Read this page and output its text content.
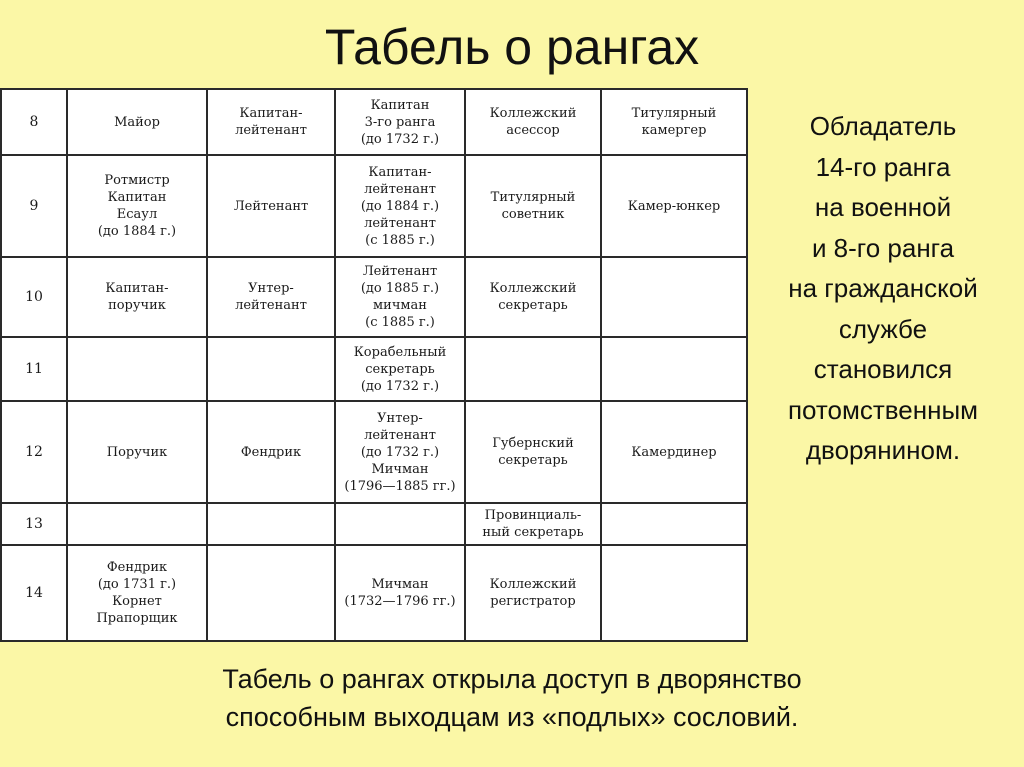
Табель о рангах
8	Майор	Капитан-
лейтенант	Капитан
3-го ранга
(до 1732 г.)	Коллежский
асессор	Титулярный
камергер
9	Ротмистр
Капитан
Есаул
(до 1884 г.)	Лейтенант	Капитан-
лейтенант
(до 1884 г.)
лейтенант
(с 1885 г.)	Титулярный
советник	Камер-юнкер
10	Капитан-
поручик	Унтер-
лейтенант	Лейтенант
(до 1885 г.)
мичман
(с 1885 г.)	Коллежский
секретарь	
11			Корабельный
секретарь
(до 1732 г.)		
12	Поручик	Фендрик	Унтер-
лейтенант
(до 1732 г.)
Мичман
(1796—1885 гг.)	Губернский
секретарь	Камердинер
13				Провинциаль-
ный секретарь	
14	Фендрик
(до 1731 г.)
Корнет
Прапорщик		Мичман
(1732—1796 гг.)	Коллежский
регистратор	
Обладатель
14-го ранга
на военной
и 8-го ранга
на гражданской
службе
становился
потомственным
дворянином.
Табель о рангах открыла доступ в дворянство
способным выходцам из «подлых» сословий.
